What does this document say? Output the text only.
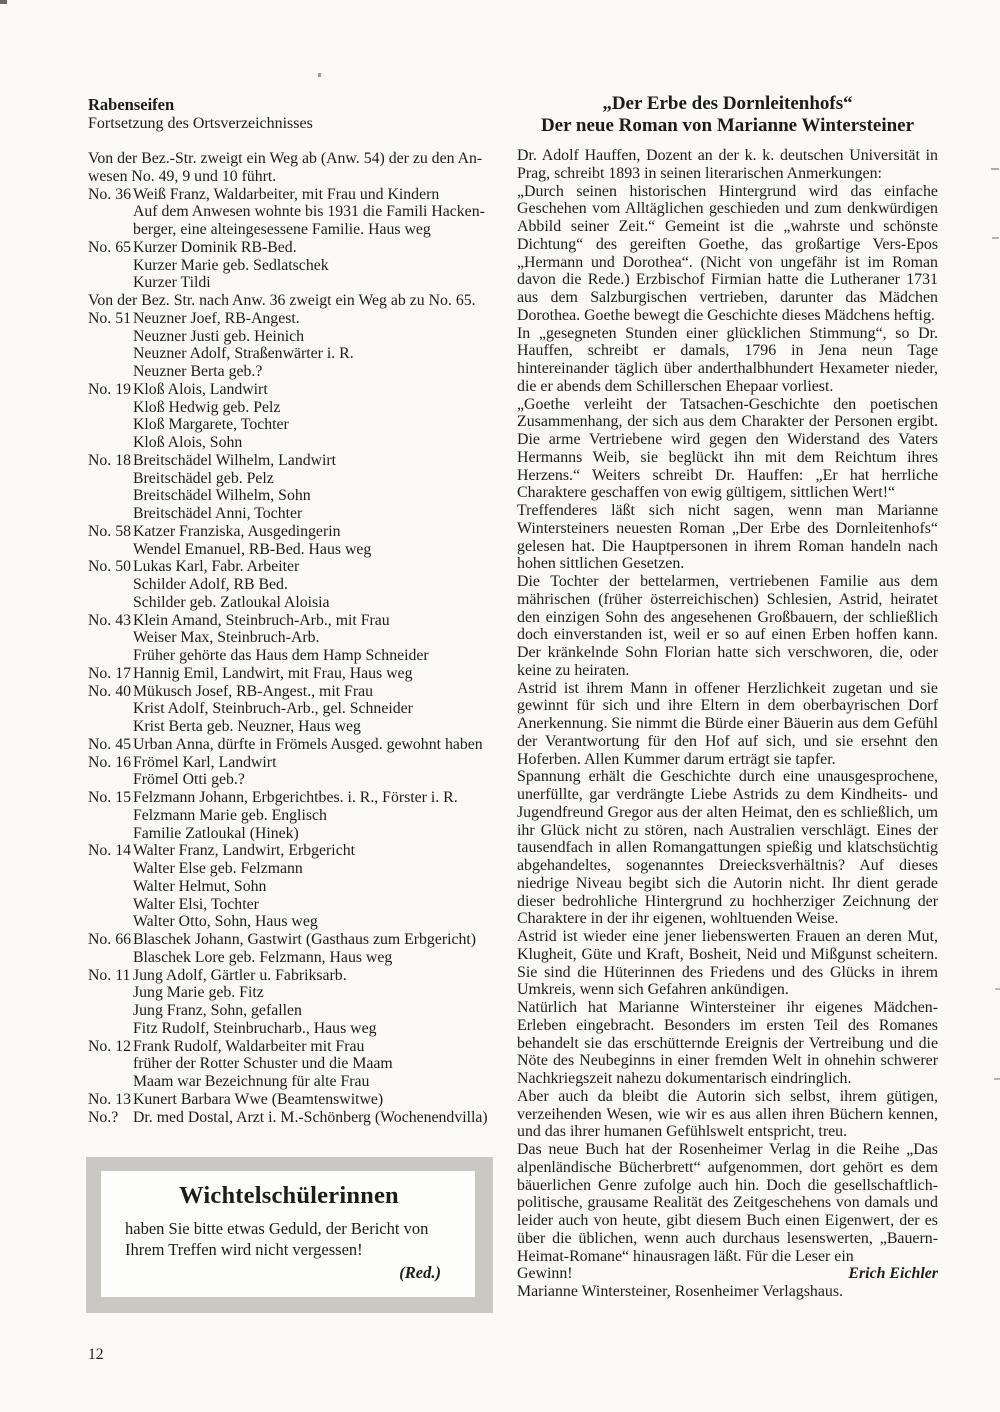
Rabenseifen
Fortsetzung des Ortsverzeichnisses
Von der Bez.-Str. zweigt ein Weg ab (Anw. 54) der zu den An-
wesen No. 49, 9 und 10 führt.
No. 36 Weiß Franz, Waldarbeiter, mit Frau und Kindern
Auf dem Anwesen wohnte bis 1931 die Famili Hacken-
berger, eine alteingesessene Familie. Haus weg
No. 65 Kurzer Dominik RB-Bed.
Kurzer Marie geb. Sedlatschek
Kurzer Tildi
Von der Bez. Str. nach Anw. 36 zweigt ein Weg ab zu No. 65.
No. 51 Neuzner Joef, RB-Angest.
Neuzner Justi geb. Heinich
Neuzner Adolf, Straßenwärter i. R.
Neuzner Berta geb.?
No. 19 Kloß Alois, Landwirt
Kloß Hedwig geb. Pelz
Kloß Margarete, Tochter
Kloß Alois, Sohn
No. 18 Breitschädel Wilhelm, Landwirt
Breitschädel geb. Pelz
Breitschädel Wilhelm, Sohn
Breitschädel Anni, Tochter
No. 58 Katzer Franziska, Ausgedingerin
Wendel Emanuel, RB-Bed. Haus weg
No. 50 Lukas Karl, Fabr. Arbeiter
Schilder Adolf, RB Bed.
Schilder geb. Zatloukal Aloisia
No. 43 Klein Amand, Steinbruch-Arb., mit Frau
Weiser Max, Steinbruch-Arb.
Früher gehörte das Haus dem Hamp Schneider
No. 17 Hannig Emil, Landwirt, mit Frau, Haus weg
No. 40 Mükusch Josef, RB-Angest., mit Frau
Krist Adolf, Steinbruch-Arb., gel. Schneider
Krist Berta geb. Neuzner, Haus weg
No. 45 Urban Anna, dürfte in Frömels Ausged. gewohnt haben
No. 16 Frömel Karl, Landwirt
Frömel Otti geb.?
No. 15 Felzmann Johann, Erbgerichtbes. i. R., Förster i. R.
Felzmann Marie geb. Englisch
Familie Zatloukal (Hinek)
No. 14 Walter Franz, Landwirt, Erbgericht
Walter Else geb. Felzmann
Walter Helmut, Sohn
Walter Elsi, Tochter
Walter Otto, Sohn, Haus weg
No. 66 Blaschek Johann, Gastwirt (Gasthaus zum Erbgericht)
Blaschek Lore geb. Felzmann, Haus weg
No. 11 Jung Adolf, Gärtler u. Fabriksarb.
Jung Marie geb. Fitz
Jung Franz, Sohn, gefallen
Fitz Rudolf, Steinbrucharb., Haus weg
No. 12 Frank Rudolf, Waldarbeiter mit Frau
früher der Rotter Schuster und die Maam
Maam war Bezeichnung für alte Frau
No. 13 Kunert Barbara Wwe (Beamtenswitwe)
No.? Dr. med Dostal, Arzt i. M.-Schönberg (Wochenendvilla)
„Der Erbe des Dornleitenhofs“
Der neue Roman von Marianne Wintersteiner

Dr. Adolf Hauffen, Dozent an der k. k. deutschen Universität in Prag, schreibt 1893 in seinen literarischen Anmerkungen:

„Durch seinen historischen Hintergrund wird das einfache Geschehen vom Alltäglichen geschieden und zum denkwürdigen Abbild seiner Zeit.“ Gemeint ist die „wahrste und schönste Dichtung“ des gereiften Goethe, das großartige Vers-Epos „Hermann und Dorothea“. (Nicht von ungefähr ist im Roman davon die Rede.) Erzbischof Firmian hatte die Lutheraner 1731 aus dem Salzburgischen vertrieben, darunter das Mädchen Dorothea. Goethe bewegt die Geschichte dieses Mädchens heftig.

In „gesegneten Stunden einer glücklichen Stimmung“, so Dr. Hauffen, schreibt er damals, 1796 in Jena neun Tage hintereinander täglich über anderthalbhundert Hexameter nieder, die er abends dem Schillerschen Ehepaar vorliest.

„Goethe verleiht der Tatsachen-Geschichte den poetischen Zusammenhang, der sich aus dem Charakter der Personen ergibt. Die arme Vertriebene wird gegen den Widerstand des Vaters Hermanns Weib, sie beglückt ihn mit dem Reichtum ihres Herzens.“ Weiters schreibt Dr. Hauffen: „Er hat herrliche Charaktere geschaffen von ewig gültigem, sittlichen Wert!“

Treffenderes läßt sich nicht sagen, wenn man Marianne Wintersteiners neuesten Roman „Der Erbe des Dornleitenhofs“ gelesen hat. Die Hauptpersonen in ihrem Roman handeln nach hohen sittlichen Gesetzen.

Die Tochter der bettelarmen, vertriebenen Familie aus dem mährischen (früher österreichischen) Schlesien, Astrid, heiratet den einzigen Sohn des angesehenen Großbauern, der schließlich doch einverstanden ist, weil er so auf einen Erben hoffen kann. Der kränkelnde Sohn Florian hatte sich verschworen, die, oder keine zu heiraten.

Astrid ist ihrem Mann in offener Herzlichkeit zugetan und sie gewinnt für sich und ihre Eltern in dem oberbayrischen Dorf Anerkennung. Sie nimmt die Bürde einer Bäuerin aus dem Gefühl der Verantwortung für den Hof auf sich, und sie ersehnt den Hoferben. Allen Kummer darum erträgt sie tapfer.

Spannung erhält die Geschichte durch eine unausgesprochene, unerfüllte, gar verdrängte Liebe Astrids zu dem Kindheits- und Jugendfreund Gregor aus der alten Heimat, den es schließlich, um ihr Glück nicht zu stören, nach Australien verschlägt. Eines der tausendfach in allen Romangattungen spießig und klatschsüchtig abgehandeltes, sogenanntes Dreiecksverhältnis? Auf dieses niedrige Niveau begibt sich die Autorin nicht. Ihr dient gerade dieser bedrohliche Hintergrund zu hochherziger Zeichnung der Charaktere in der ihr eigenen, wohltuenden Weise.

Astrid ist wieder eine jener liebenswerten Frauen an deren Mut, Klugheit, Güte und Kraft, Bosheit, Neid und Mißgunst scheitern. Sie sind die Hüterinnen des Friedens und des Glücks in ihrem Umkreis, wenn sich Gefahren ankündigen.

Natürlich hat Marianne Wintersteiner ihr eigenes Mädchen-Erleben eingebracht. Besonders im ersten Teil des Romanes behandelt sie das erschütternde Ereignis der Vertreibung und die Nöte des Neubeginns in einer fremden Welt in ohnehin schwerer Nachkriegszeit nahezu dokumentarisch eindringlich.

Aber auch da bleibt die Autorin sich selbst, ihrem gütigen, verzeihenden Wesen, wie wir es aus allen ihren Büchern kennen, und das ihrer humanen Gefühlswelt entspricht, treu.

Das neue Buch hat der Rosenheimer Verlag in die Reihe „Das alpenländische Bücherbrett“ aufgenommen, dort gehört es dem bäuerlichen Genre zufolge auch hin. Doch die gesellschaftlich-politische, grausame Realität des Zeitgeschehens von damals und leider auch von heute, gibt diesem Buch einen Eigenwert, der es über die üblichen, wenn auch durchaus lesenswerten, „Bauern-Heimat-Romane“ hinausragen läßt. Für die Leser ein

Gewinn!	Erich Eichler
Marianne Wintersteiner, Rosenheimer Verlagshaus.
Wichtelschülerinnen
haben Sie bitte etwas Geduld, der Bericht von
Ihrem Treffen wird nicht vergessen!
(Red.)
12
